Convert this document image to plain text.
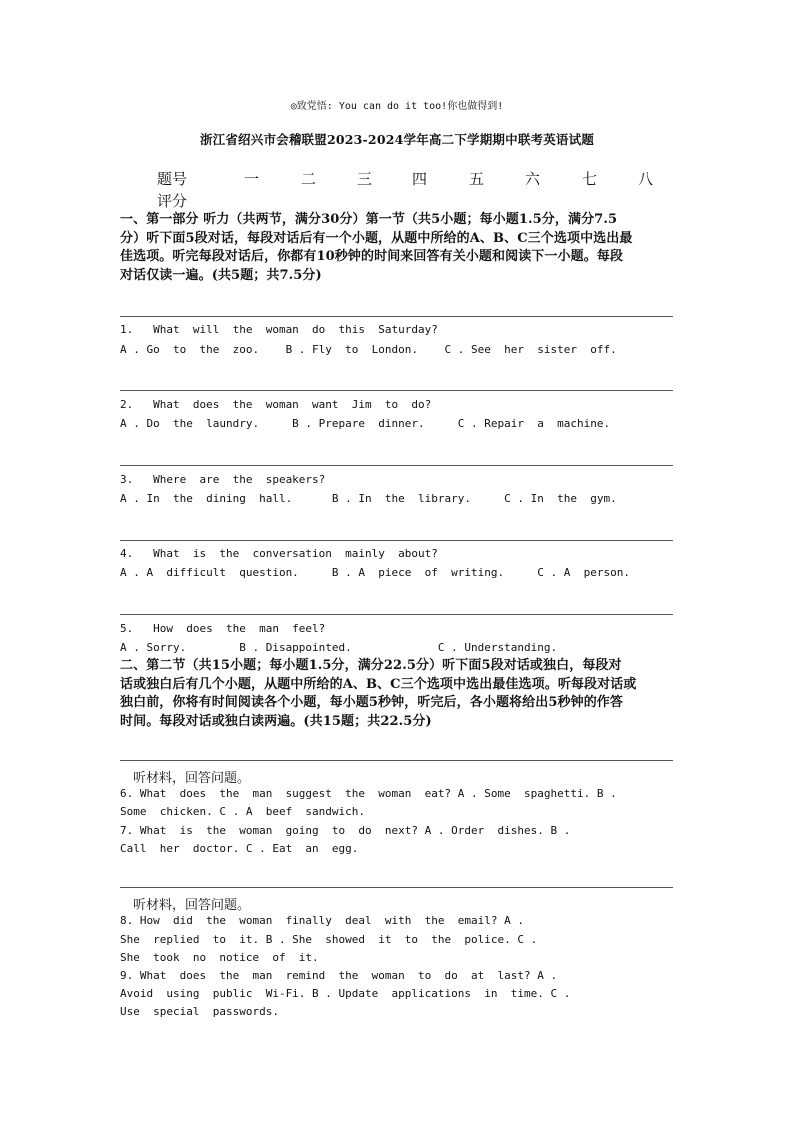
◎致党悟: You can do it too!你也做得到!
浙江省绍兴市会稽联盟2023-2024学年高二下学期期中联考英语试题
题号	一	二	三	四	五	六	七	八
评分
一、第一部分 听力（共两节，满分30分）第一节（共5小题；每小题1.5分，满分7.5
分）听下面5段对话，每段对话后有一个小题，从题中所给的A、B、C三个选项中选出最
佳选项。听完每段对话后，你都有10秒钟的时间来回答有关小题和阅读下一小题。每段
对话仅读一遍。(共5题；共7.5分)
1.   What  will  the  woman  do  this  Saturday?
A . Go  to  the  zoo.    B . Fly  to  London.    C . See  her  sister  off.
2.   What  does  the  woman  want  Jim  to  do?
A . Do  the  laundry.     B . Prepare  dinner.     C . Repair  a  machine.
3.   Where  are  the  speakers?
A . In  the  dining  hall.      B . In  the  library.     C . In  the  gym.
4.   What  is  the  conversation  mainly  about?
A . A  difficult  question.     B . A  piece  of  writing.     C . A  person.
5.   How  does  the  man  feel?
A . Sorry.        B . Disappointed.             C . Understanding.
二、第二节（共15小题；每小题1.5分，满分22.5分）听下面5段对话或独白，每段对
话或独白后有几个小题，从题中所给的A、B、C三个选项中选出最佳选项。听每段对话或
独白前，你将有时间阅读各个小题，每小题5秒钟，听完后，各小题将给出5秒钟的作答
时间。每段对话或独白读两遍。(共15题；共22.5分)
听材料，回答问题。
6. What  does  the  man  suggest  the  woman  eat? A . Some  spaghetti. B .
Some  chicken. C . A  beef  sandwich.
7. What  is  the  woman  going  to  do  next? A . Order  dishes. B .
Call  her  doctor. C . Eat  an  egg.
听材料，回答问题。
8. How  did  the  woman  finally  deal  with  the  email? A .
She  replied  to  it. B . She  showed  it  to  the  police. C .
She  took  no  notice  of  it.
9. What  does  the  man  remind  the  woman  to  do  at  last? A .
Avoid  using  public  Wi-Fi. B . Update  applications  in  time. C .
Use  special  passwords.
